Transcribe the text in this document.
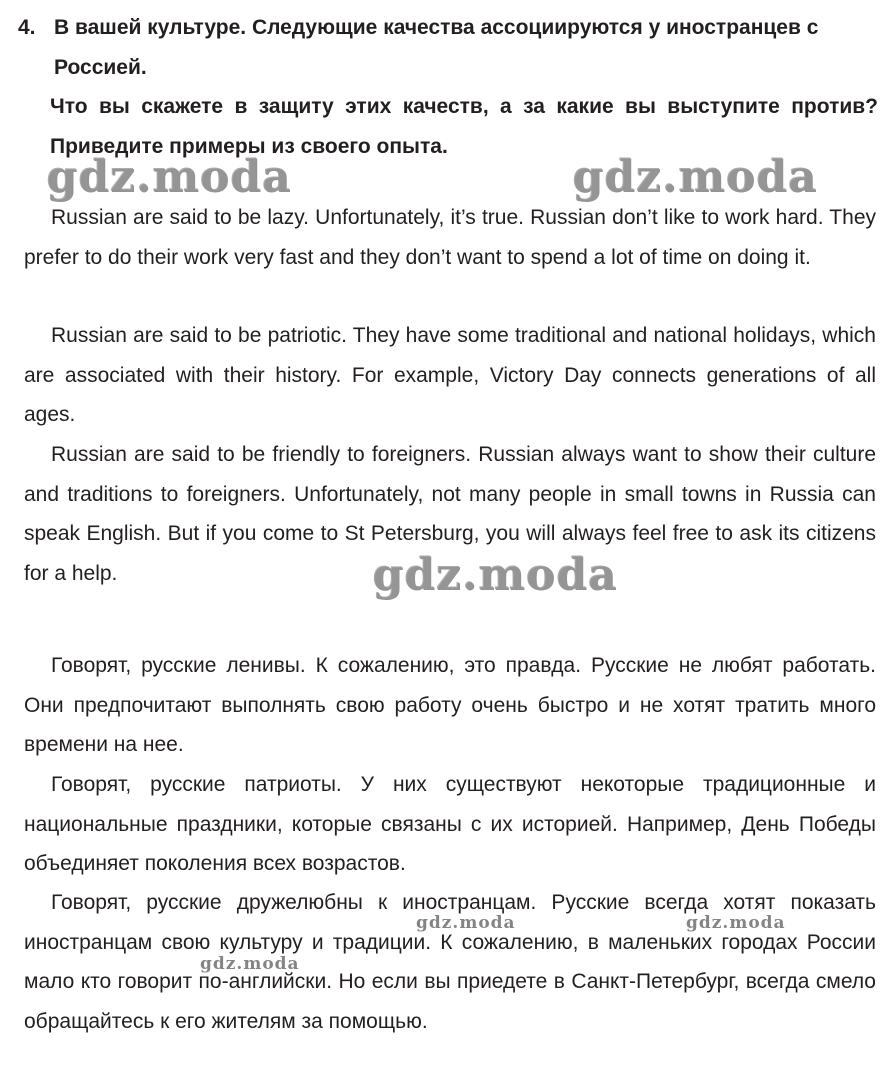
4. В вашей культуре. Следующие качества ассоциируются у иностранцев с Россией.
Что вы скажете в защиту этих качеств, а за какие вы выступите против? Приведите примеры из своего опыта.

Russian are said to be lazy. Unfortunately, it’s true. Russian don’t like to work hard. They prefer to do their work very fast and they don’t want to spend a lot of time on doing it.

Russian are said to be patriotic. They have some traditional and national holidays, which are associated with their history. For example, Victory Day connects generations of all ages.

Russian are said to be friendly to foreigners. Russian always want to show their culture and traditions to foreigners. Unfortunately, not many people in small towns in Russia can speak English. But if you come to St Petersburg, you will always feel free to ask its citizens for a help.

Говорят, русские ленивы. К сожалению, это правда. Русские не любят работать. Они предпочитают выполнять свою работу очень быстро и не хотят тратить много времени на нее.

Говорят, русские патриоты. У них существуют некоторые традиционные и национальные праздники, которые связаны с их историей. Например, День Победы объединяет поколения всех возрастов.

Говорят, русские дружелюбны к иностранцам. Русские всегда хотят показать иностранцам свою культуру и традиции. К сожалению, в маленьких городах России мало кто говорит по-английски. Но если вы приедете в Санкт-Петербург, всегда смело обращайтесь к его жителям за помощью.

gdz.moda	gdz.moda
gdz.moda
gdz.moda	gdz.moda
gdz.moda
